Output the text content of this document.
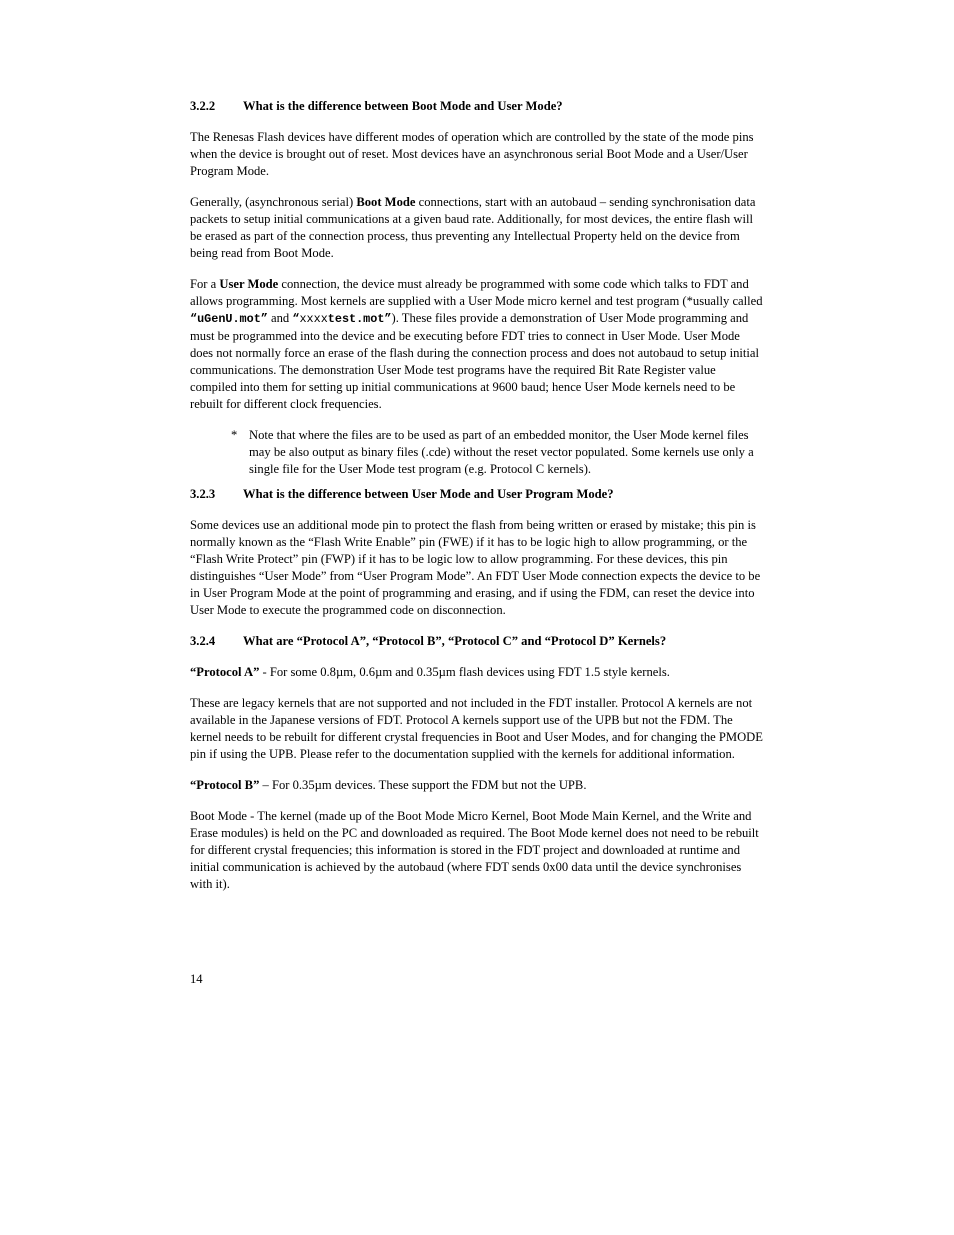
3.2.2	What is the difference between Boot Mode and User Mode?

The Renesas Flash devices have different modes of operation which are controlled by the state of the mode pins when the device is brought out of reset. Most devices have an asynchronous serial Boot Mode and a User/User Program Mode.

Generally, (asynchronous serial) Boot Mode connections, start with an autobaud – sending synchronisation data packets to setup initial communications at a given baud rate. Additionally, for most devices, the entire flash will be erased as part of the connection process, thus preventing any Intellectual Property held on the device from being read from Boot Mode.

For a User Mode connection, the device must already be programmed with some code which talks to FDT and allows programming. Most kernels are supplied with a User Mode micro kernel and test program (*usually called “uGenU.mot” and “xxxxtest.mot”). These files provide a demonstration of User Mode programming and must be programmed into the device and be executing before FDT tries to connect in User Mode. User Mode does not normally force an erase of the flash during the connection process and does not autobaud to setup initial communications. The demonstration User Mode test programs have the required Bit Rate Register value compiled into them for setting up initial communications at 9600 baud; hence User Mode kernels need to be rebuilt for different clock frequencies.

* Note that where the files are to be used as part of an embedded monitor, the User Mode kernel files may be also output as binary files (.cde) without the reset vector populated. Some kernels use only a single file for the User Mode test program (e.g. Protocol C kernels).
3.2.3	What is the difference between User Mode and User Program Mode?

Some devices use an additional mode pin to protect the flash from being written or erased by mistake; this pin is normally known as the “Flash Write Enable” pin (FWE) if it has to be logic high to allow programming, or the “Flash Write Protect” pin (FWP) if it has to be logic low to allow programming. For these devices, this pin distinguishes “User Mode” from “User Program Mode”. An FDT User Mode connection expects the device to be in User Program Mode at the point of programming and erasing, and if using the FDM, can reset the device into User Mode to execute the programmed code on disconnection.

3.2.4	What are “Protocol A”, “Protocol B”, “Protocol C” and “Protocol D” Kernels?

“Protocol A” - For some 0.8µm, 0.6µm and 0.35µm flash devices using FDT 1.5 style kernels.

These are legacy kernels that are not supported and not included in the FDT installer. Protocol A kernels are not available in the Japanese versions of FDT. Protocol A kernels support use of the UPB but not the FDM. The kernel needs to be rebuilt for different crystal frequencies in Boot and User Modes, and for changing the PMODE pin if using the UPB. Please refer to the documentation supplied with the kernels for additional information.

“Protocol B” – For 0.35µm devices. These support the FDM but not the UPB.

Boot Mode - The kernel (made up of the Boot Mode Micro Kernel, Boot Mode Main Kernel, and the Write and Erase modules) is held on the PC and downloaded as required. The Boot Mode kernel does not need to be rebuilt for different crystal frequencies; this information is stored in the FDT project and downloaded at runtime and initial communication is achieved by the autobaud (where FDT sends 0x00 data until the device synchronises with it).

14
